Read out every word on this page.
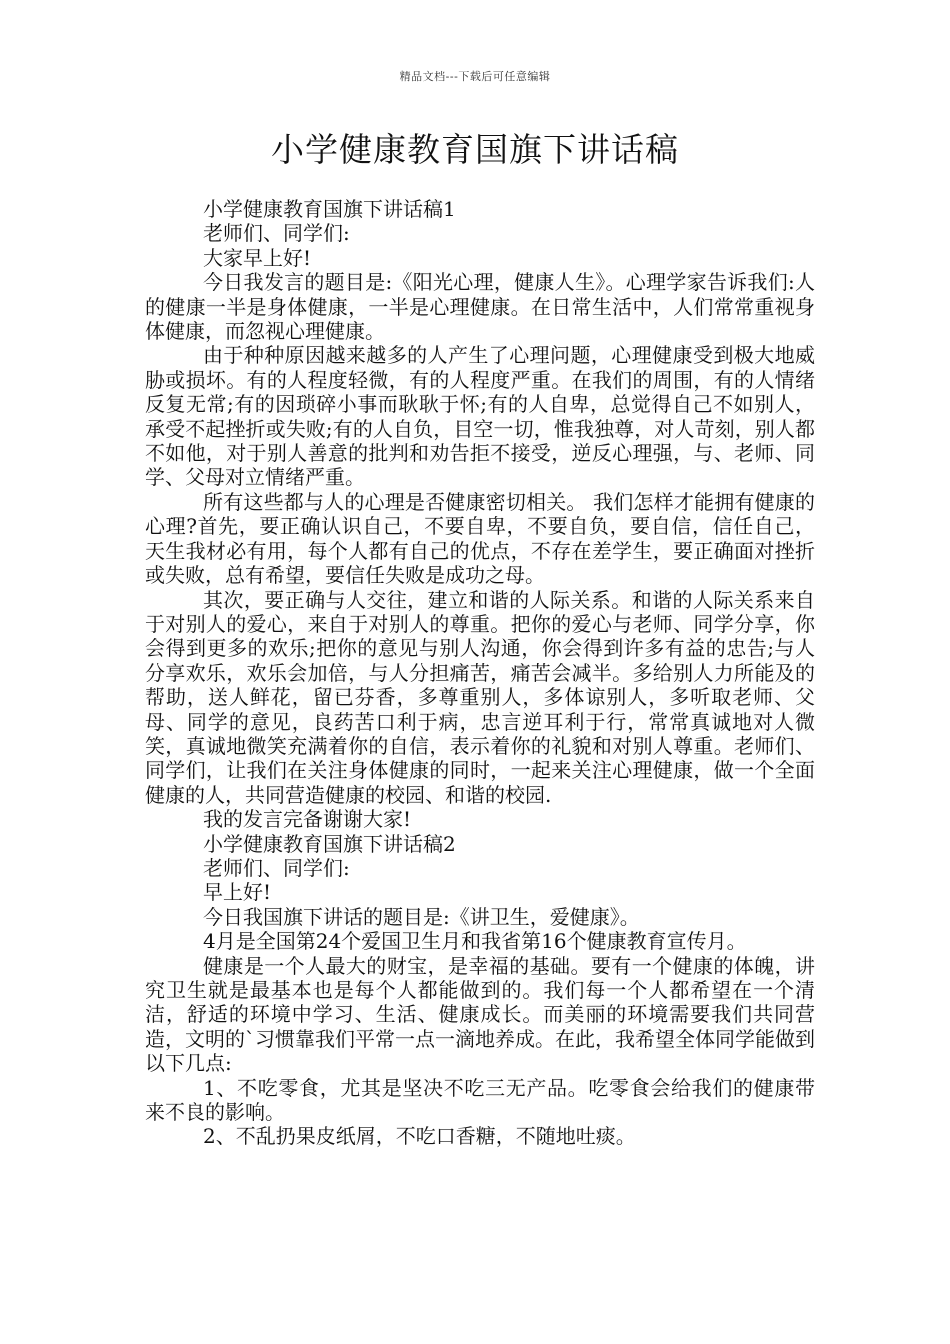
精品文档---下载后可任意编辑
小学健康教育国旗下讲话稿

小学健康教育国旗下讲话稿1

老师们、同学们:

大家早上好!

今日我发言的题目是:《阳光心理，健康人生》。心理学家告诉我们:人的健康一半是身体健康，一半是心理健康。在日常生活中，人们常常重视身体健康，而忽视心理健康。

由于种种原因越来越多的人产生了心理问题，心理健康受到极大地威胁或损坏。有的人程度轻微，有的人程度严重。在我们的周围，有的人情绪反复无常;有的因琐碎小事而耿耿于怀;有的人自卑，总觉得自己不如别人，承受不起挫折或失败;有的人自负，目空一切，惟我独尊，对人苛刻，别人都不如他，对于别人善意的批判和劝告拒不接受，逆反心理强，与、老师、同学、父母对立情绪严重。

所有这些都与人的心理是否健康密切相关。 我们怎样才能拥有健康的心理?首先，要正确认识自己，不要自卑，不要自负，要自信，信任自己，天生我材必有用，每个人都有自己的优点，不存在差学生，要正确面对挫折或失败，总有希望，要信任失败是成功之母。

其次，要正确与人交往，建立和谐的人际关系。和谐的人际关系来自于对别人的爱心，来自于对别人的尊重。把你的爱心与老师、同学分享，你会得到更多的欢乐;把你的意见与别人沟通，你会得到许多有益的忠告;与人分享欢乐，欢乐会加倍，与人分担痛苦，痛苦会减半。多给别人力所能及的帮助，送人鲜花，留已芬香，多尊重别人，多体谅别人，多听取老师、父母、同学的意见，良药苦口利于病，忠言逆耳利于行，常常真诚地对人微笑，真诚地微笑充满着你的自信，表示着你的礼貌和对别人尊重。老师们、同学们，让我们在关注身体健康的同时，一起来关注心理健康，做一个全面健康的人，共同营造健康的校园、和谐的校园.

我的发言完备谢谢大家!

小学健康教育国旗下讲话稿2

老师们、同学们:

早上好!

今日我国旗下讲话的题目是:《讲卫生，爱健康》。

4月是全国第24个爱国卫生月和我省第16个健康教育宣传月。

健康是一个人最大的财宝，是幸福的基础。要有一个健康的体魄，讲究卫生就是最基本也是每个人都能做到的。我们每一个人都希望在一个清洁，舒适的环境中学习、生活、健康成长。而美丽的环境需要我们共同营造，文明的`习惯靠我们平常一点一滴地养成。在此，我希望全体同学能做到以下几点:

1、不吃零食，尤其是坚决不吃三无产品。吃零食会给我们的健康带来不良的影响。

2、不乱扔果皮纸屑，不吃口香糖，不随地吐痰。
